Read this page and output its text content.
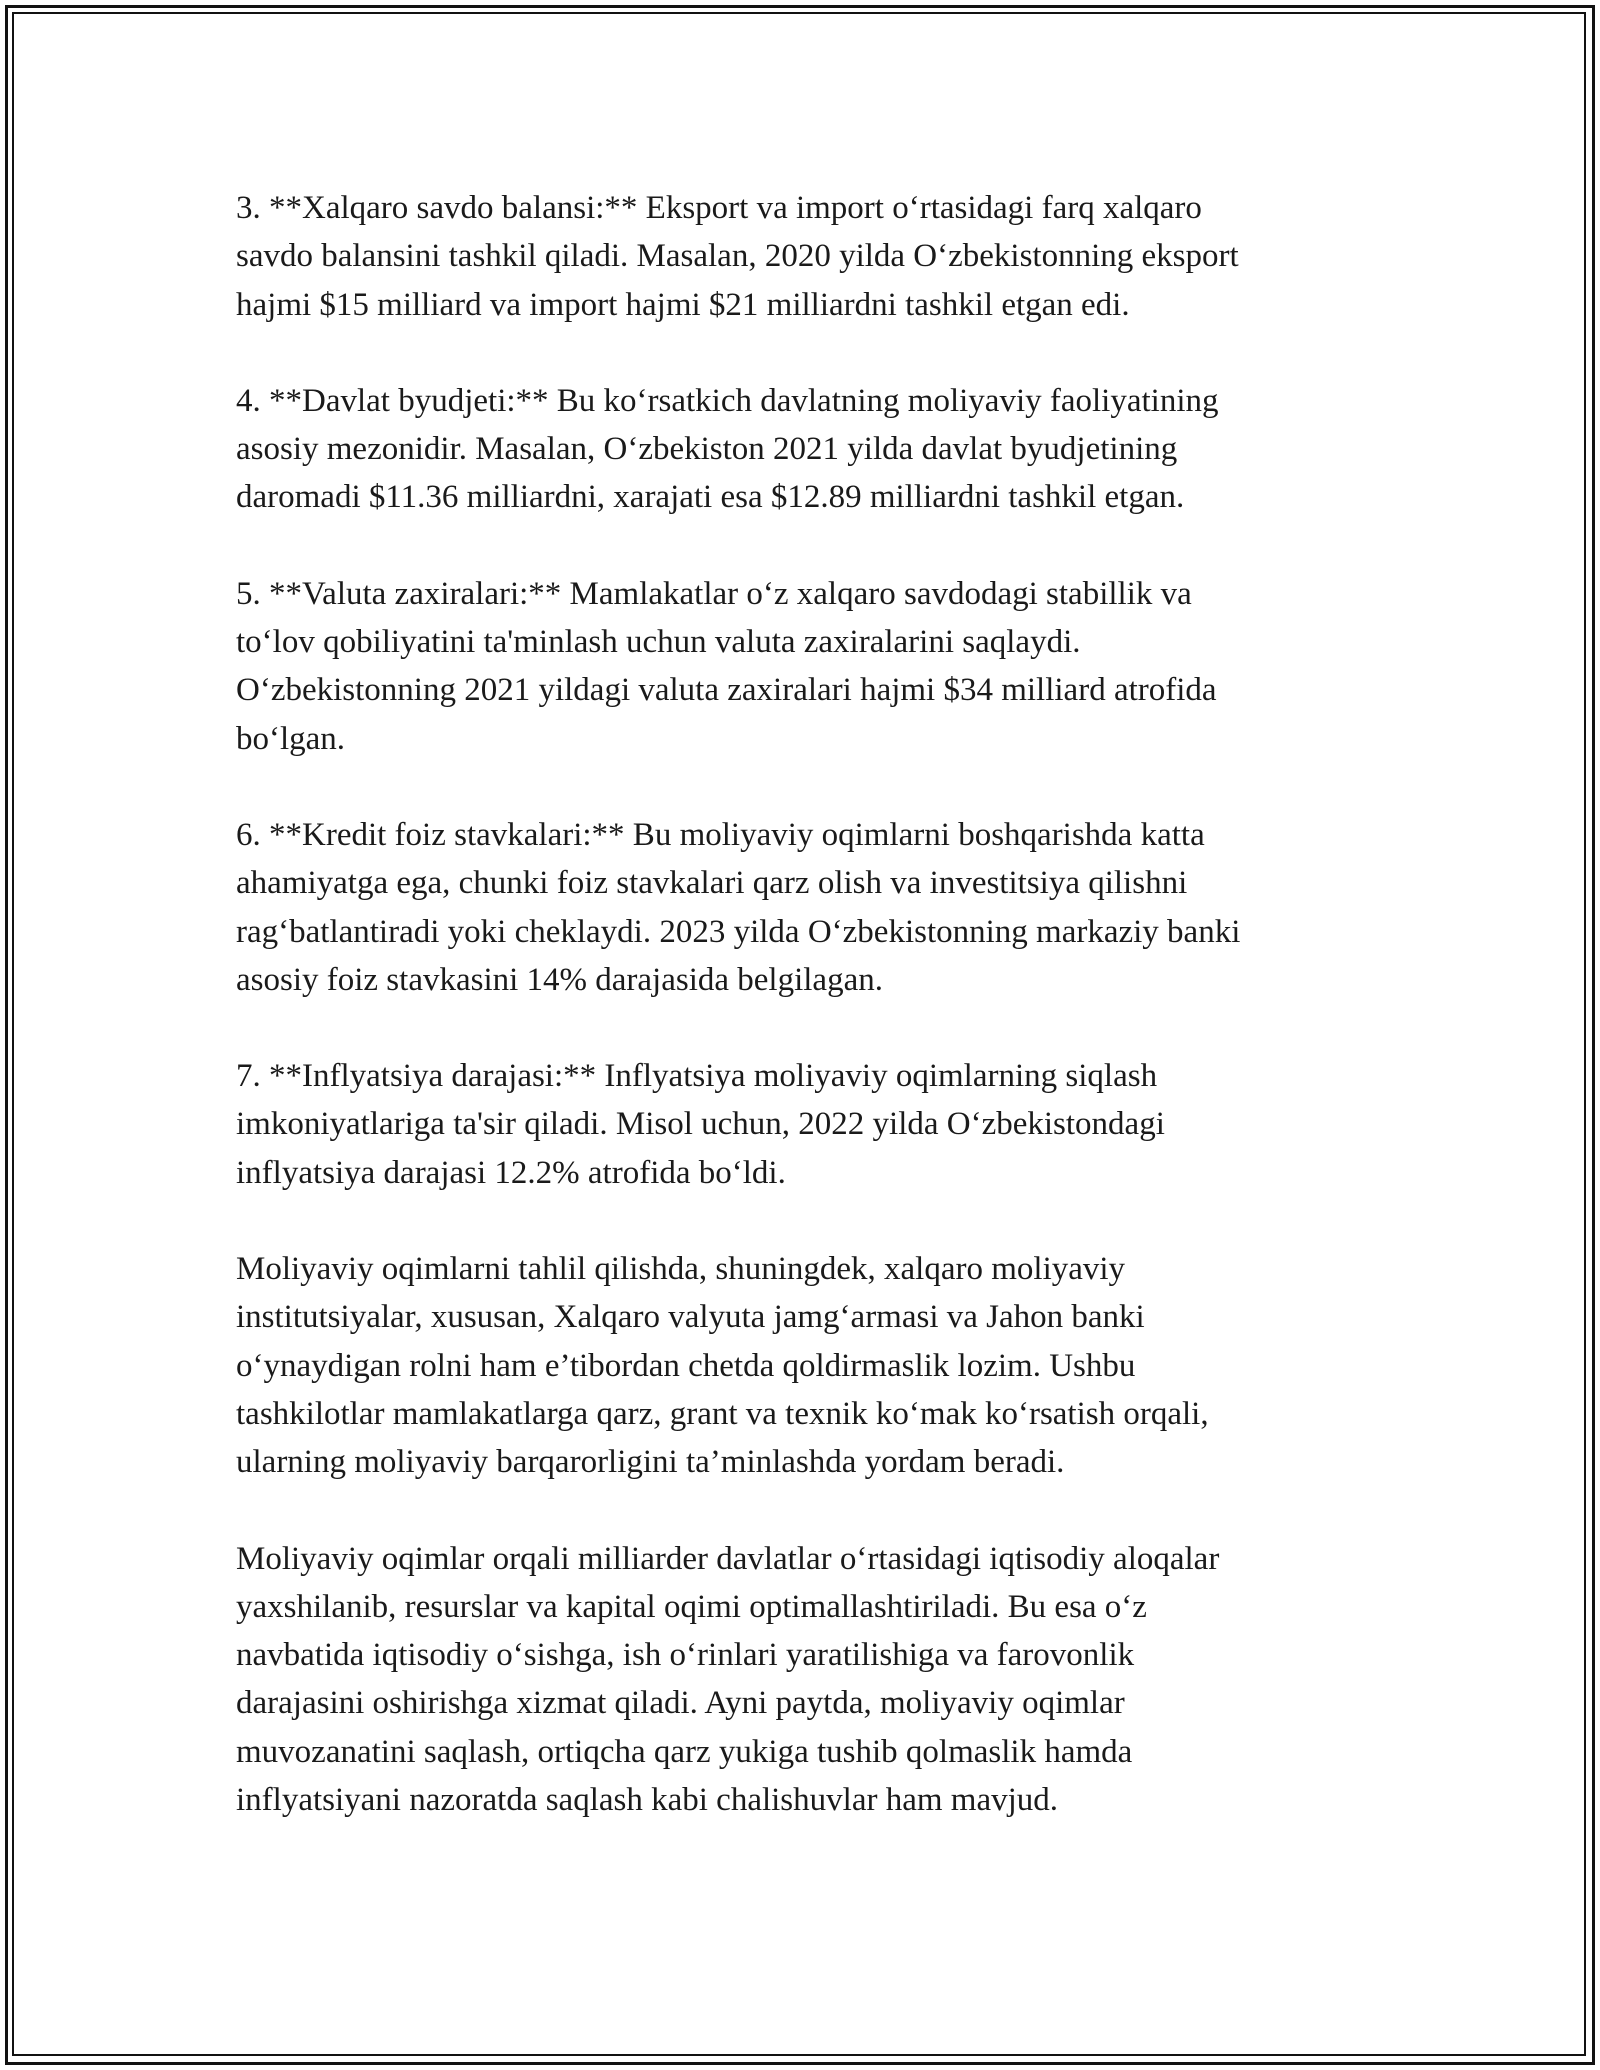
3. **Xalqaro savdo balansi:** Eksport va import o‘rtasidagi farq xalqaro
savdo balansini tashkil qiladi. Masalan, 2020 yilda O‘zbekistonning eksport
hajmi $15 milliard va import hajmi $21 milliardni tashkil etgan edi.

4. **Davlat byudjeti:** Bu ko‘rsatkich davlatning moliyaviy faoliyatining
asosiy mezonidir. Masalan, O‘zbekiston 2021 yilda davlat byudjetining
daromadi $11.36 milliardni, xarajati esa $12.89 milliardni tashkil etgan.

5. **Valuta zaxiralari:** Mamlakatlar o‘z xalqaro savdodagi stabillik va
to‘lov qobiliyatini ta'minlash uchun valuta zaxiralarini saqlaydi.
O‘zbekistonning 2021 yildagi valuta zaxiralari hajmi $34 milliard atrofida
bo‘lgan.

6. **Kredit foiz stavkalari:** Bu moliyaviy oqimlarni boshqarishda katta
ahamiyatga ega, chunki foiz stavkalari qarz olish va investitsiya qilishni
rag‘batlantiradi yoki cheklaydi. 2023 yilda O‘zbekistonning markaziy banki
asosiy foiz stavkasini 14% darajasida belgilagan.

7. **Inflyatsiya darajasi:** Inflyatsiya moliyaviy oqimlarning siqlash
imkoniyatlariga ta'sir qiladi. Misol uchun, 2022 yilda O‘zbekistondagi
inflyatsiya darajasi 12.2% atrofida bo‘ldi.

Moliyaviy oqimlarni tahlil qilishda, shuningdek, xalqaro moliyaviy
institutsiyalar, xususan, Xalqaro valyuta jamg‘armasi va Jahon banki
o‘ynaydigan rolni ham e’tibordan chetda qoldirmaslik lozim. Ushbu
tashkilotlar mamlakatlarga qarz, grant va texnik ko‘mak ko‘rsatish orqali,
ularning moliyaviy barqarorligini ta’minlashda yordam beradi.

Moliyaviy oqimlar orqali milliarder davlatlar o‘rtasidagi iqtisodiy aloqalar
yaxshilanib, resurslar va kapital oqimi optimallashtiriladi. Bu esa o‘z
navbatida iqtisodiy o‘sishga, ish o‘rinlari yaratilishiga va farovonlik
darajasini oshirishga xizmat qiladi. Ayni paytda, moliyaviy oqimlar
muvozanatini saqlash, ortiqcha qarz yukiga tushib qolmaslik hamda
inflyatsiyani nazoratda saqlash kabi chalishuvlar ham mavjud.
